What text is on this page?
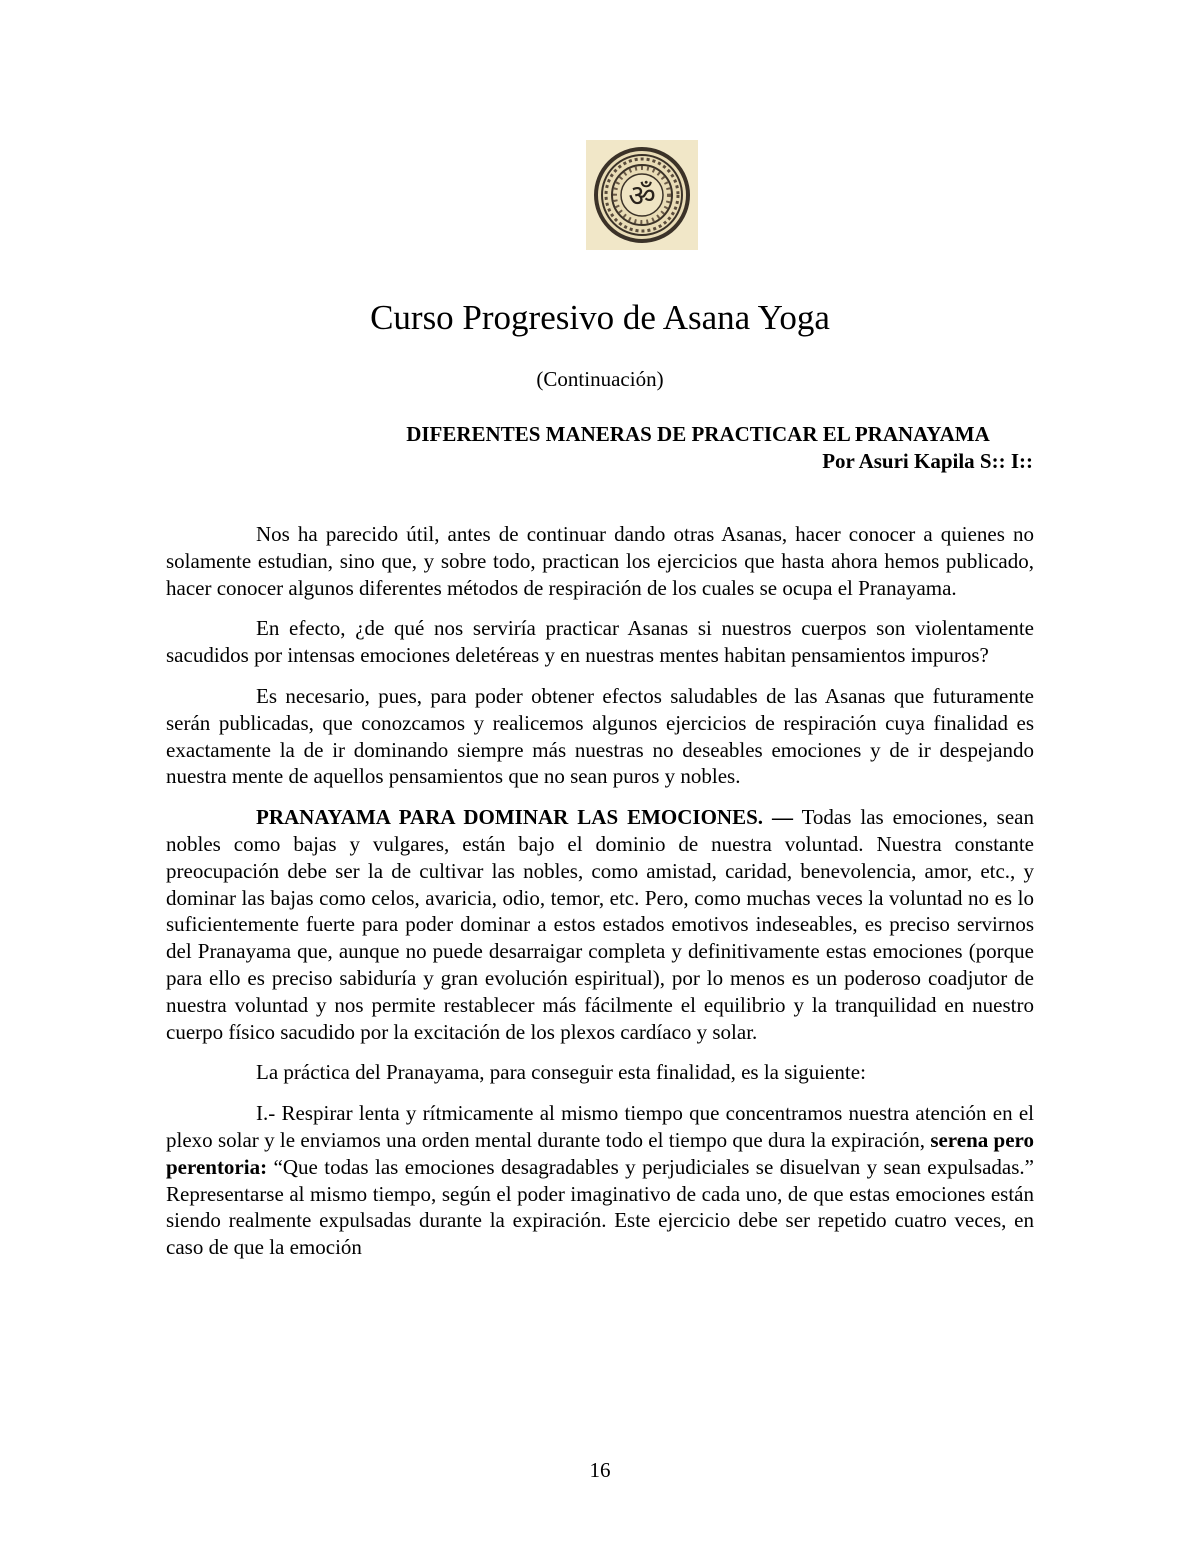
ॐ
Curso Progresivo de Asana Yoga
(Continuación)
DIFERENTES MANERAS DE PRACTICAR EL PRANAYAMA
Por Asuri Kapila S:: I::

Nos ha parecido útil, antes de continuar dando otras Asanas, hacer conocer a quienes no solamente estudian, sino que, y sobre todo, practican los ejercicios que hasta ahora hemos publicado, hacer conocer algunos diferentes métodos de respiración de los cuales se ocupa el Pranayama.

En efecto, ¿de qué nos serviría practicar Asanas si nuestros cuerpos son violentamente sacudidos por intensas emociones deletéreas y en nuestras mentes habitan pensamientos impuros?

Es necesario, pues, para poder obtener efectos saludables de las Asanas que futuramente serán publicadas, que conozcamos y realicemos algunos ejercicios de respiración cuya finalidad es exactamente la de ir dominando siempre más nuestras no deseables emociones y de ir despejando nuestra mente de aquellos pensamientos que no sean puros y nobles.

PRANAYAMA PARA DOMINAR LAS EMOCIONES. — Todas las emociones, sean nobles como bajas y vulgares, están bajo el dominio de nuestra voluntad. Nuestra constante preocupación debe ser la de cultivar las nobles, como amistad, caridad, benevolencia, amor, etc., y dominar las bajas como celos, avaricia, odio, temor, etc. Pero, como muchas veces la voluntad no es lo suficientemente fuerte para poder dominar a estos estados emotivos indeseables, es preciso servirnos del Pranayama que, aunque no puede desarraigar completa y definitivamente estas emociones (porque para ello es preciso sabiduría y gran evolución espiritual), por lo menos es un poderoso coadjutor de nuestra voluntad y nos permite restablecer más fácilmente el equilibrio y la tranquilidad en nuestro cuerpo físico sacudido por la excitación de los plexos cardíaco y solar.

La práctica del Pranayama, para conseguir esta finalidad, es la siguiente:

I.- Respirar lenta y rítmicamente al mismo tiempo que concentramos nuestra atención en el plexo solar y le enviamos una orden mental durante todo el tiempo que dura la expiración, serena pero perentoria: “Que todas las emociones desagradables y perjudiciales se disuelvan y sean expulsadas.” Representarse al mismo tiempo, según el poder imaginativo de cada uno, de que estas emociones están siendo realmente expulsadas durante la expiración. Este ejercicio debe ser repetido cuatro veces, en caso de que la emoción

16
